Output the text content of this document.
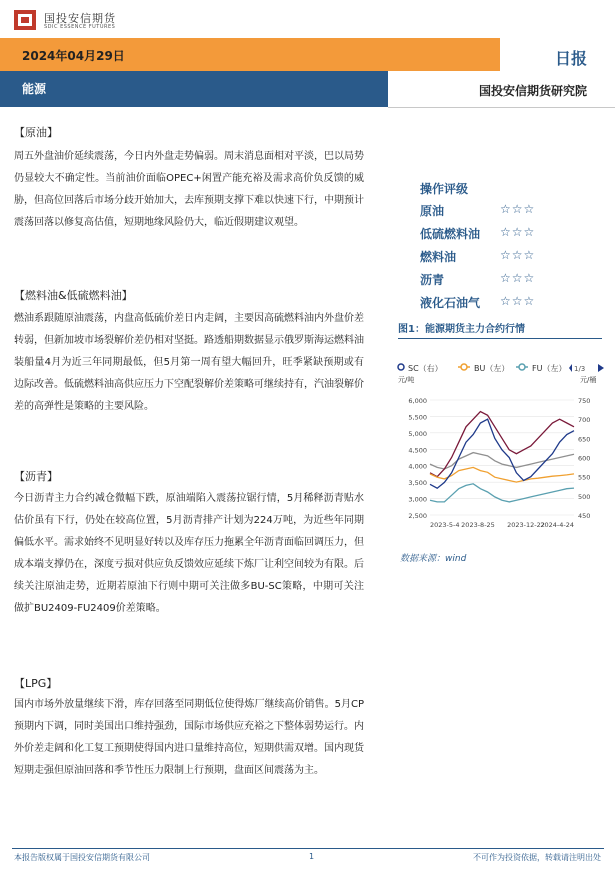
国投安信期货
SDIC ESSENCE FUTURES
2024年04月29日	日报
能源	国投安信期货研究院
【原油】
周五外盘油价延续震荡，今日内外盘走势偏弱。周末消息面相对平淡，巴以局势仍显较大不确定性。当前油价面临OPEC+闲置产能充裕及需求高价负反馈的威胁，但高位回落后市场分歧开始加大，去库预期支撑下难以快速下行，中期预计震荡回落以修复高估值，短期地缘风险仍大，临近假期建议观望。
【燃料油&低硫燃料油】
燃油系跟随原油震荡，内盘高低硫价差日内走阔，主要因高硫燃料油内外盘价差转弱，但新加坡市场裂解价差仍相对坚挺。路透船期数据显示俄罗斯海运燃料油装船量4月为近三年同期最低，但5月第一周有望大幅回升，旺季紧缺预期或有边际改善。低硫燃料油高供应压力下空配裂解价差策略可继续持有，汽油裂解价差的高弹性是策略的主要风险。
【沥青】
今日沥青主力合约减仓微幅下跌，原油端陷入震荡拉锯行情，5月稀释沥青贴水估价虽有下行，仍处在较高位置，5月沥青排产计划为224万吨，为近些年同期偏低水平。需求始终不见明显好转以及库存压力拖累全年沥青面临回调压力，但成本端支撑仍在，深度亏损对供应负反馈效应延续下炼厂让利空间较为有限。后续关注原油走势，近期若原油下行则中期可关注做多BU-SC策略，中期可关注做扩BU2409-FU2409价差策略。
【LPG】
国内市场外放量继续下滑，库存回落至同期低位使得炼厂继续高价销售。5月CP预期内下调，同时美国出口维持强劲，国际市场供应充裕之下整体弱势运行。内外价差走阔和化工复工预期使得国内进口量维持高位，短期供需双增。国内现货短期走强但原油回落和季节性压力限制上行预期，盘面区间震荡为主。
操作评级
原油	☆☆☆
低硫燃料油 ☆☆☆
燃料油	☆☆☆
沥青	☆☆☆
液化石油气 ☆☆☆
图1：能源期货主力合约行情
SC（右）	BU（左）	FU（左） 1/3
元/吨	元/桶
6,000
5,500
5,000
4,500
4,000
3,500
3,000
2,500
750
700
650
600
550
500
450
2023-5-4 2023-8-25 2023-12-22
2024-4-24
数据来源：wind
本报告版权属于国投安信期货有限公司	1	不可作为投资依据，转载请注明出处
